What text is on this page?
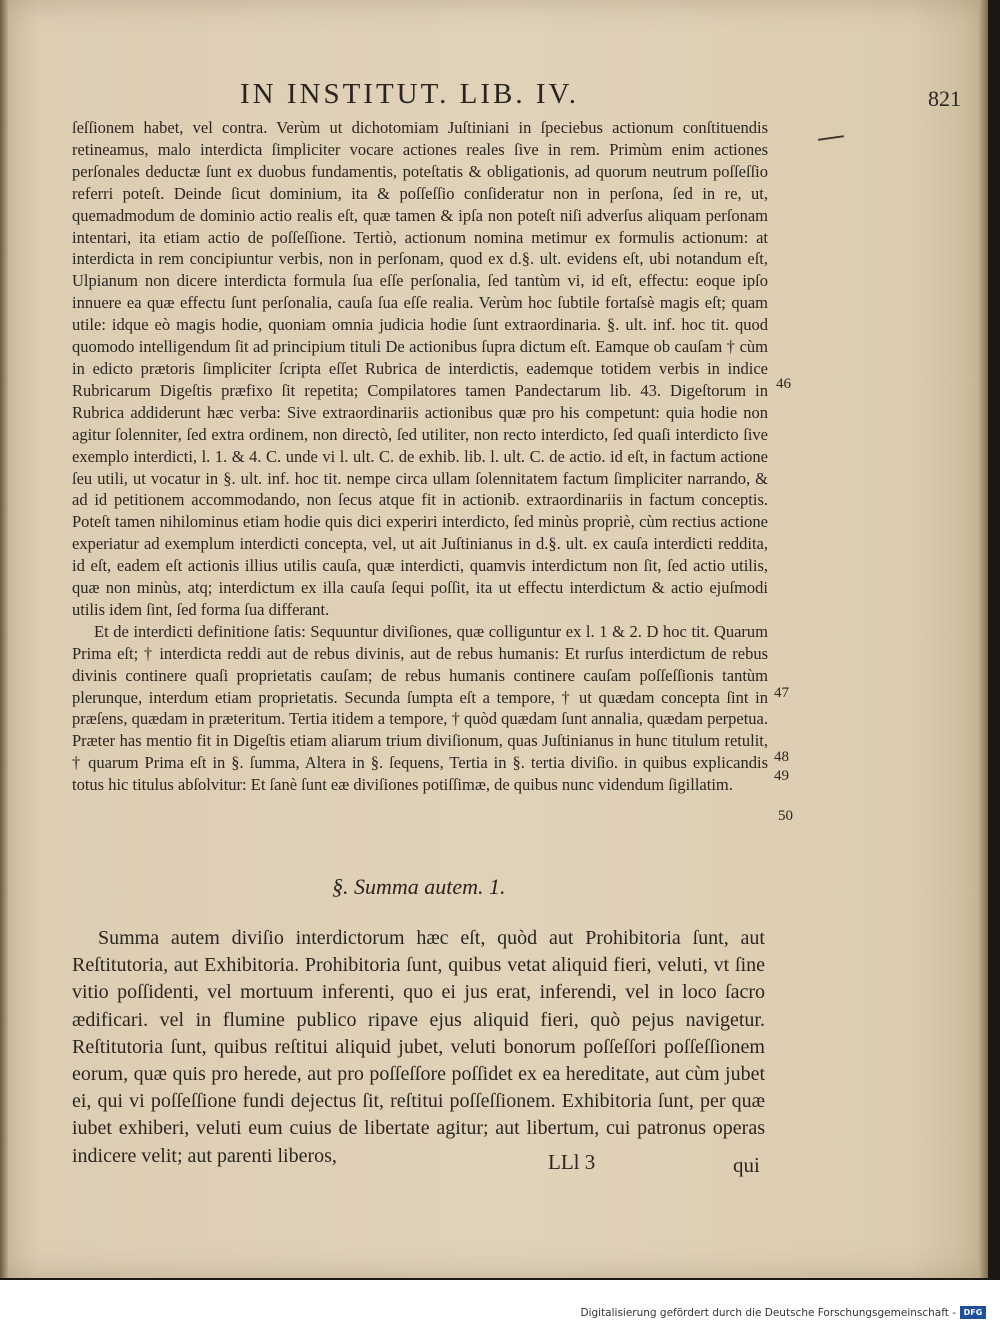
IN INSTITUT. LIB. IV.	821

ſeſſionem habet, vel contra. Verùm ut dichotomiam Juſtiniani in ſpeciebus actionum conſtituendis retineamus, malo interdicta ſimpliciter vocare actiones reales ſive in rem. Primùm enim actiones perſonales deductæ ſunt ex duobus fundamentis, poteſtatis & obligationis, ad quorum neutrum poſſeſſio referri poteſt. Deinde ſicut dominium, ita & poſſeſſio conſideratur non in perſona, ſed in re, ut, quemadmodum de dominio actio realis eſt, quæ tamen & ipſa non poteſt niſi adverſus aliquam perſonam intentari, ita etiam actio de poſſeſſione. Tertiò, actionum nomina metimur ex formulis actionum: at interdicta in rem concipiuntur verbis, non in perſonam, quod ex d.§. ult. evidens eſt, ubi notandum eſt, Ulpianum non dicere interdicta formula ſua eſſe perſonalia, ſed tantùm vi, id eſt, effectu: eoque ipſo innuere ea quæ effectu ſunt perſonalia, cauſa ſua eſſe realia. Verùm hoc ſubtile fortaſsè magis eſt; quam utile: idque eò magis hodie, quoniam omnia judicia hodie ſunt extraordinaria. §. ult. inf. hoc tit. quod quomodo intelligendum ſit ad principium tituli De actionibus ſupra dictum eſt. Eamque ob cauſam † cùm in edicto prætoris ſimpliciter ſcripta eſſet Rubrica de interdictis, eademque totidem verbis in indice Rubricarum Digeſtis præfixo ſit repetita; Compilatores tamen Pandectarum lib. 43. Digeſtorum in Rubrica addiderunt hæc verba: Sive extraordinariis actionibus quæ pro his competunt: quia hodie non agitur ſolenniter, ſed extra ordinem, non directò, ſed utiliter, non recto interdicto, ſed quaſi interdicto ſive exemplo interdicti, l. 1. & 4. C. unde vi l. ult. C. de exhib. lib. l. ult. C. de actio. id eſt, in factum actione ſeu utili, ut vocatur in §. ult. inf. hoc tit. nempe circa ullam ſolennitatem factum ſimpliciter narrando, & ad id petitionem accommodando, non ſecus atque fit in actionib. extraordinariis in factum conceptis. Poteſt tamen nihilominus etiam hodie quis dici experiri interdicto, ſed minùs propriè, cùm rectius actione experiatur ad exemplum interdicti concepta, vel, ut ait Juſtinianus in d.§. ult. ex cauſa interdicti reddita, id eſt, eadem eſt actionis illius utilis cauſa, quæ interdicti, quamvis interdictum non ſit, ſed actio utilis, quæ non minùs, atq; interdictum ex illa cauſa ſequi poſſit, ita ut effectu interdictum & actio ejuſmodi utilis idem ſint, ſed forma ſua differant.

Et de interdicti definitione ſatis: Sequuntur diviſiones, quæ colliguntur ex l. 1 & 2. D hoc tit. Quarum Prima eſt; † interdicta reddi aut de rebus divinis, aut de rebus humanis: Et rurſus interdictum de rebus divinis continere quaſi proprietatis cauſam; de rebus humanis continere cauſam poſſeſſionis tantùm plerunque, interdum etiam proprietatis. Secunda ſumpta eſt a tempore, † ut quædam concepta ſint in præſens, quædam in præteritum. Tertia itidem a tempore, † quòd quædam ſunt annalia, quædam perpetua. Præter has mentio fit in Digeſtis etiam aliarum trium diviſionum, quas Juſtinianus in hunc titulum retulit, † quarum Prima eſt in §. ſumma, Altera in §. ſequens, Tertia in §. tertia diviſio. in quibus explicandis totus hic titulus abſolvitur: Et ſanè ſunt eæ diviſiones potiſſimæ, de quibus nunc videndum ſigillatim.

46
47
48
49
50
§. Summa autem. 1.

Summa autem diviſio interdictorum hæc eſt, quòd aut Prohibitoria ſunt, aut Reſtitutoria, aut Exhibitoria. Prohibitoria ſunt, quibus vetat aliquid fieri, veluti, vt ſine vitio poſſidenti, vel mortuum inferenti, quo ei jus erat, inferendi, vel in loco ſacro ædificari. vel in flumine publico ripave ejus aliquid fieri, quò pejus navigetur. Reſtitutoria ſunt, quibus reſtitui aliquid jubet, veluti bonorum poſſeſſori poſſeſſionem eorum, quæ quis pro herede, aut pro poſſeſſore poſſidet ex ea hereditate, aut cùm jubet ei, qui vi poſſeſſione fundi dejectus ſit, reſtitui poſſeſſionem. Exhibitoria ſunt, per quæ iubet exhiberi, veluti eum cuius de libertate agitur; aut libertum, cui patronus operas indicere velit; aut parenti liberos,	LLl 3	qui
Digitalisierung gefördert durch die Deutsche Forschungsgemeinschaft - DFG
